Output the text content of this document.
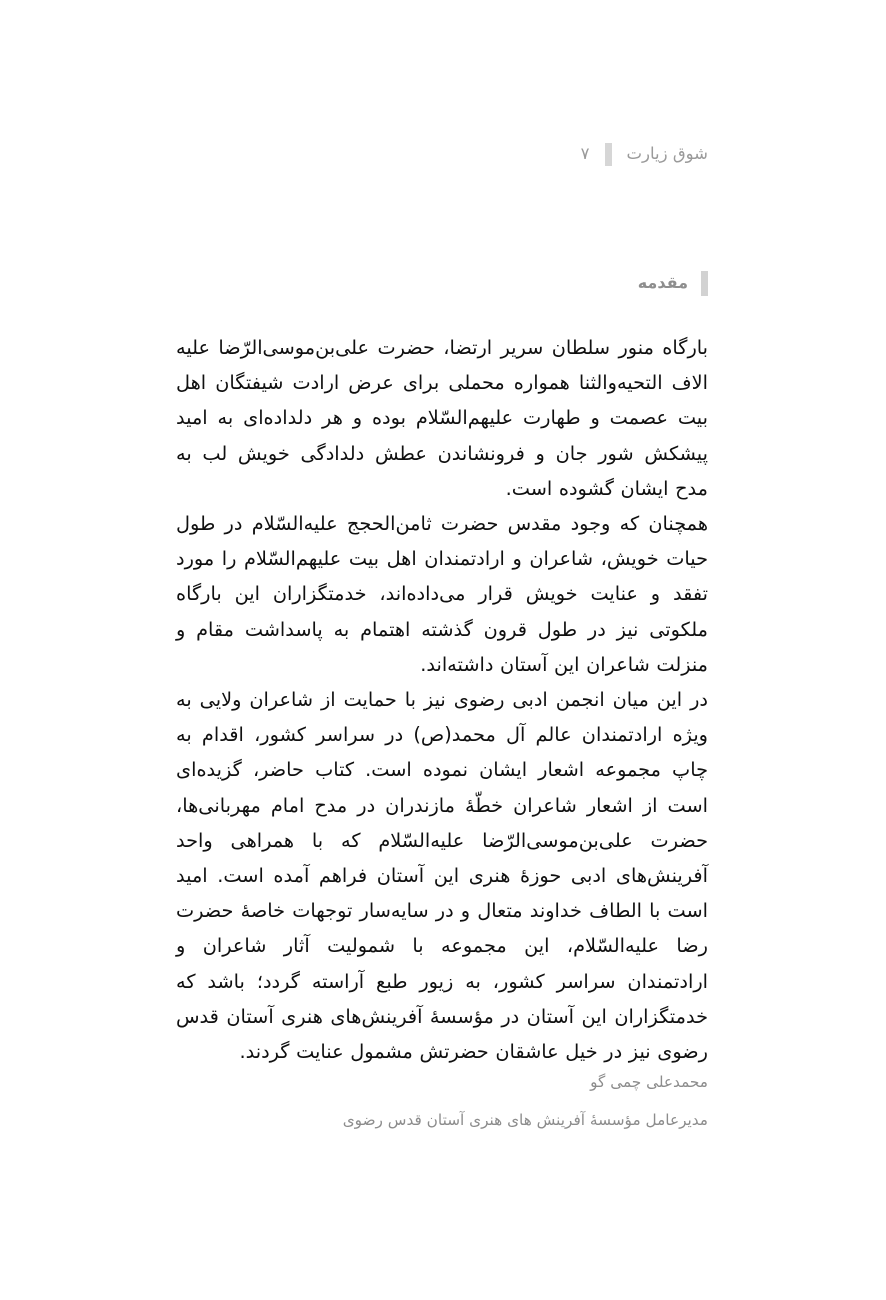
شوق زیارت
۷
مقدمه

بارگاه منور سلطان سریر ارتضا، حضرت علی‌بن‌موسی‌الرّضا علیه الاف التحیه‌والثنا همواره محملی برای عرض ارادت شیفتگان اهل بیت عصمت و طهارت علیهم‌السّلام بوده و هر دلداده‌ای به امید پیشکش شور جان و فرونشاندن عطش دلدادگی خویش لب به مدح ایشان گشوده است.

همچنان که وجود مقدس حضرت ثامن‌الحجج علیه‌السّلام در طول حیات خویش، شاعران و ارادتمندان اهل بیت علیهم‌السّلام را مورد تفقد و عنایت خویش قرار می‌داده‌اند، خدمتگزاران این بارگاه ملکوتی نیز در طول قرون گذشته اهتمام به پاسداشت مقام و منزلت شاعران این آستان داشته‌اند.

در این میان انجمن ادبی رضوی نیز با حمایت از شاعران ولایی به ویژه ارادتمندان عالم آل محمد(ص) در سراسر کشور، اقدام به چاپ مجموعه اشعار ایشان نموده است. کتاب حاضر، گزیده‌ای است از اشعار شاعران خطّهٔ مازندران در مدح امام مهربانی‌ها، حضرت علی‌بن‌موسی‌الرّضا علیه‌السّلام که با همراهی واحد آفرینش‌های ادبی حوزهٔ هنری این آستان فراهم آمده است. امید است با الطاف خداوند متعال و در سایه‌سار توجهات خاصهٔ حضرت رضا علیه‌السّلام، این مجموعه با شمولیت آثار شاعران و ارادتمندان سراسر کشور، به زیور طبع آراسته گردد؛ باشد که خدمتگزاران این آستان در مؤسسهٔ آفرینش‌های هنری آستان قدس رضوی نیز در خیل عاشقان حضرتش مشمول عنایت گردند.

محمدعلی چمی گو

مدیرعامل مؤسسهٔ آفرینش های هنری آستان قدس رضوی
